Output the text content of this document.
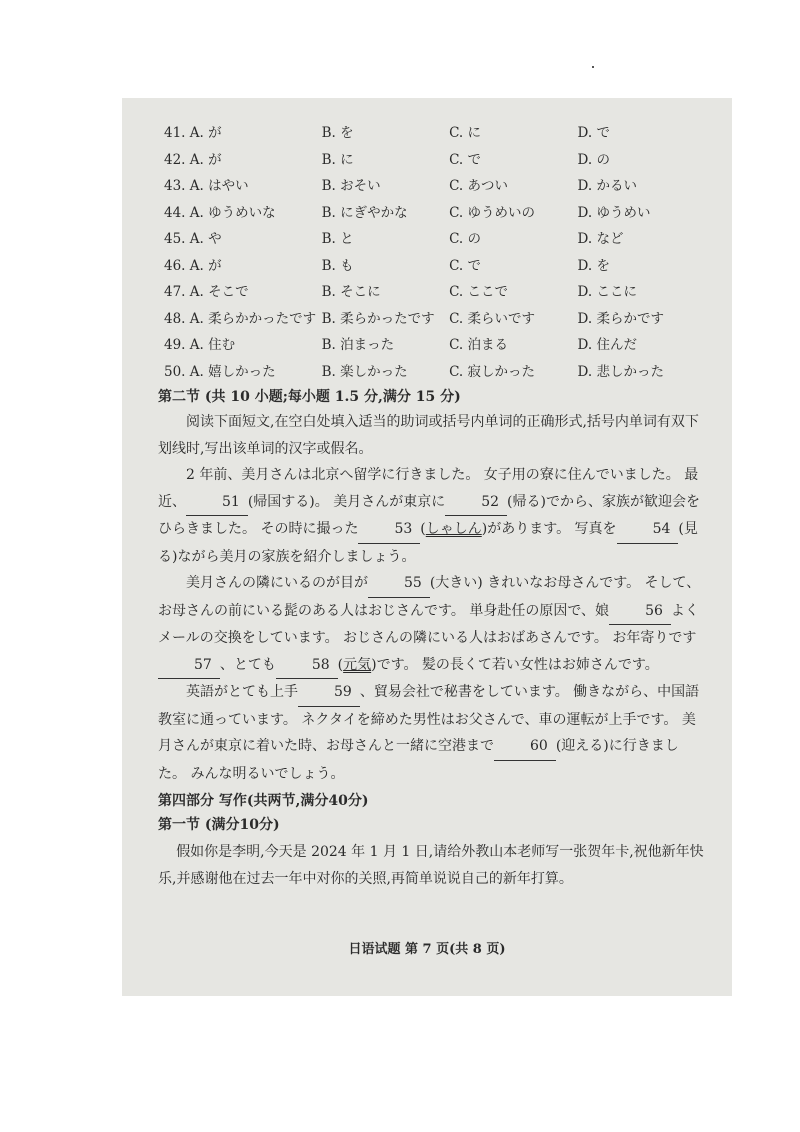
41. A. が	B. を	C. に	D. で
42. A. が	B. に	C. で	D. の
43. A. はやい	B. おそい	C. あつい	D. かるい
44. A. ゆうめいな	B. にぎやかな	C. ゆうめいの	D. ゆうめい
45. A. や	B. と	C. の	D. など
46. A. が	B. も	C. で	D. を
47. A. そこで	B. そこに	C. ここで	D. ここに
48. A. 柔らかかったです B. 柔らかったです	C. 柔らいです	D. 柔らかです
49. A. 住む	B. 泊まった	C. 泊まる	D. 住んだ
50. A. 嬉しかった	B. 楽しかった	C. 寂しかった	D. 悲しかった
第二节 (共 10 小题;每小题 1.5 分,满分 15 分)

阅读下面短文,在空白处填入适当的助词或括号内单词的正确形式,括号内单词有双下划线时,写出该单词的汉字或假名。

2 年前、美月さんは北京へ留学に行きました。 女子用の寮に住んでいました。 最近、	51 (帰国する)。 美月さんが東京に	52 (帰る)でから、家族が歓迎会をひらきました。 その時に撮った	53 (しゃしん)があります。 写真を	54 (見る)ながら美月の家族を紹介しましょう。

美月さんの隣にいるのが目が	55 (大きい) きれいなお母さんです。 そして、お母さんの前にいる髭のある人はおじさんです。 単身赴任の原因で、娘	56 よくメールの交換をしています。 おじさんの隣にいる人はおばあさんです。 お年寄りです57 、とても	58 (元気)です。 髪の長くて若い女性はお姉さんです。

英語がとても上手	59 、貿易会社で秘書をしています。 働きながら、中国語教室に通っています。 ネクタイを締めた男性はお父さんで、車の運転が上手です。 美月さんが東京に着いた時、お母さんと一緒に空港まで	60 (迎える)に行きました。 みんな明るいでしょう。

第四部分 写作(共两节,满分40分)
第一节 (满分10分)

假如你是李明,今天是 2024 年 1 月 1 日,请给外教山本老师写一张贺年卡,祝他新年快乐,并感谢他在过去一年中对你的关照,再简单说说自己的新年打算。

日语试题 第 7 页(共 8 页)
